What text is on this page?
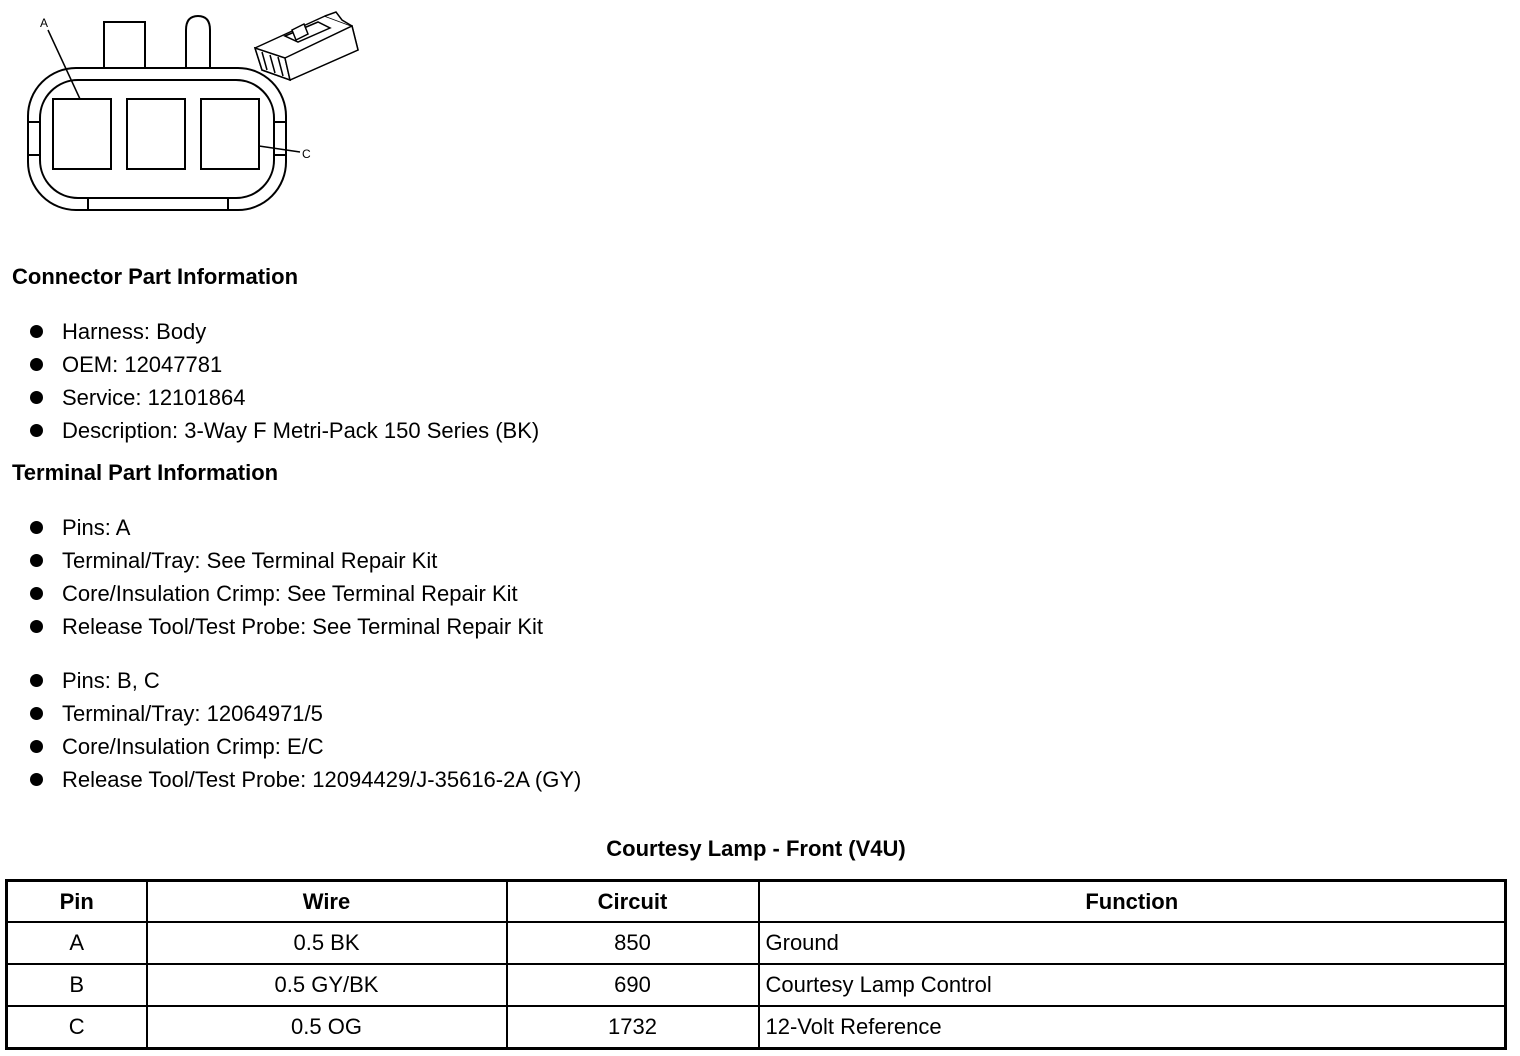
A
C
Connector Part Information
Harness: Body
OEM: 12047781
Service: 12101864
Description: 3-Way F Metri-Pack 150 Series (BK)
Terminal Part Information
Pins: A
Terminal/Tray: See Terminal Repair Kit
Core/Insulation Crimp: See Terminal Repair Kit
Release Tool/Test Probe: See Terminal Repair Kit
Pins: B, C
Terminal/Tray: 12064971/5
Core/Insulation Crimp: E/C
Release Tool/Test Probe: 12094429/J-35616-2A (GY)
Courtesy Lamp - Front (V4U)
Pin	Wire	Circuit	Function
A	0.5 BK	850	Ground
B	0.5 GY/BK	690	Courtesy Lamp Control
C	0.5 OG	1732	12-Volt Reference
